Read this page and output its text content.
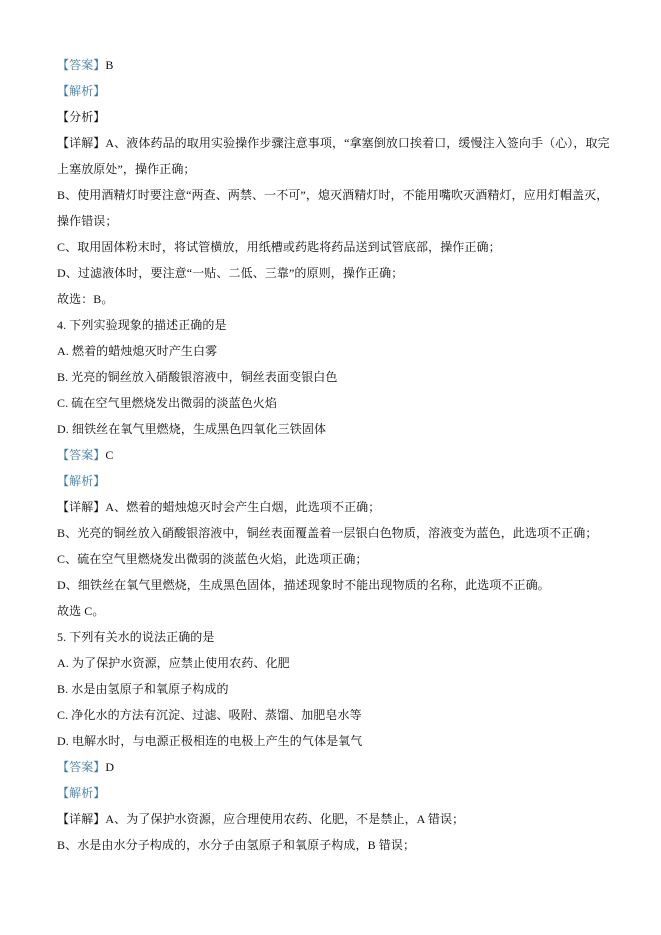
【答案】B
【解析】
【分析】
【详解】A、液体药品的取用实验操作步骤注意事项，“拿塞倒放口挨着口，缓慢注入签向手（心），取完
上塞放原处”，操作正确；
B、使用酒精灯时要注意“两查、两禁、一不可”，熄灭酒精灯时，不能用嘴吹灭酒精灯，应用灯帽盖灭，
操作错误；
C、取用固体粉末时，将试管横放，用纸槽或药匙将药品送到试管底部，操作正确；
D、过滤液体时，要注意“一贴、二低、三靠”的原则，操作正确；
故选：B。
4. 下列实验现象的描述正确的是
A. 燃着的蜡烛熄灭时产生白雾
B. 光亮的铜丝放入硝酸银溶液中，铜丝表面变银白色
C. 硫在空气里燃烧发出微弱的淡蓝色火焰
D. 细铁丝在氧气里燃烧，生成黑色四氧化三铁固体
【答案】C
【解析】
【详解】A、燃着的蜡烛熄灭时会产生白烟，此选项不正确；
B、光亮的铜丝放入硝酸银溶液中，铜丝表面覆盖着一层银白色物质，溶液变为蓝色，此选项不正确；
C、硫在空气里燃烧发出微弱的淡蓝色火焰，此选项正确；
D、细铁丝在氧气里燃烧，生成黑色固体，描述现象时不能出现物质的名称，此选项不正确。
故选 C。
5. 下列有关水的说法正确的是
A. 为了保护水资源，应禁止使用农药、化肥
B. 水是由氢原子和氧原子构成的
C. 净化水的方法有沉淀、过滤、吸附、蒸馏、加肥皂水等
D. 电解水时，与电源正极相连的电极上产生的气体是氧气
【答案】D
【解析】
【详解】A、为了保护水资源，应合理使用农药、化肥，不是禁止，A 错误；
B、水是由水分子构成的，水分子由氢原子和氧原子构成，B 错误；
